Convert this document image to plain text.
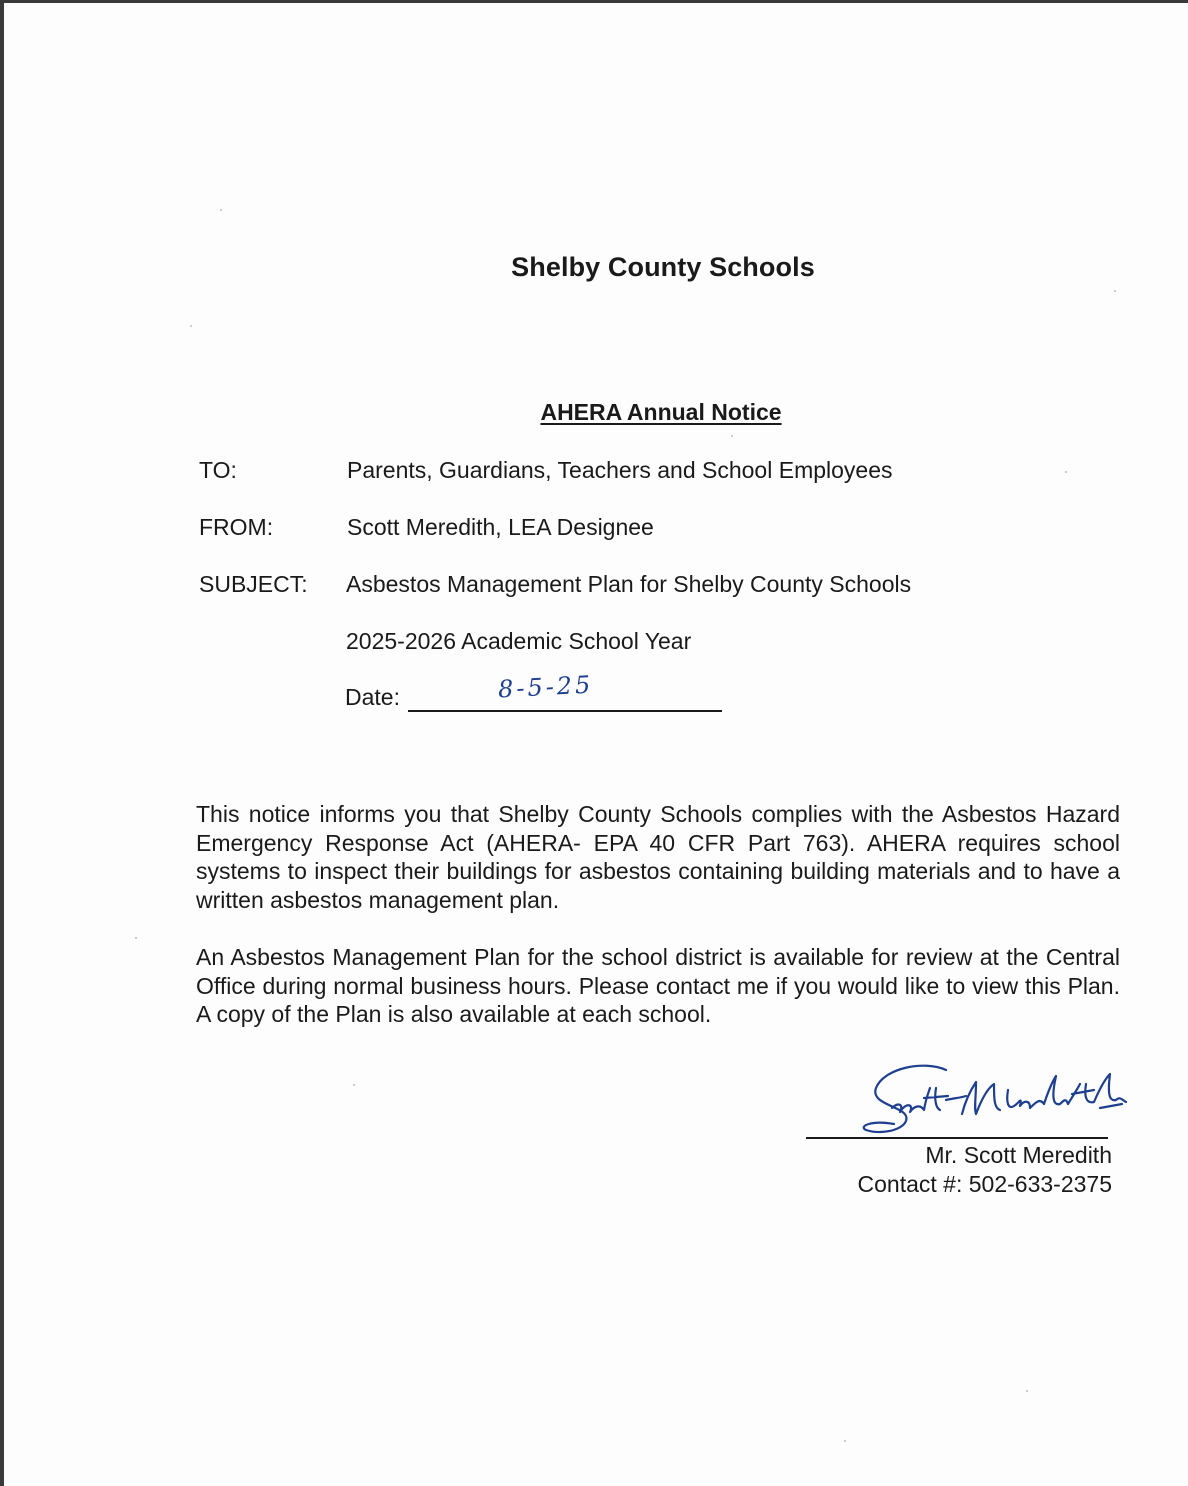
Shelby County Schools
AHERA Annual Notice
TO:	Parents, Guardians, Teachers and School Employees
FROM:	Scott Meredith, LEA Designee
SUBJECT: Asbestos Management Plan for Shelby County Schools
2025-2026 Academic School Year
Date:	8-5-25
This notice informs you that Shelby County Schools complies with the Asbestos Hazard Emergency Response Act (AHERA- EPA 40 CFR Part 763). AHERA requires school systems to inspect their buildings for asbestos containing building materials and to have a written asbestos management plan.
An Asbestos Management Plan for the school district is available for review at the Central Office during normal business hours. Please contact me if you would like to view this Plan. A copy of the Plan is also available at each school.
Mr. Scott Meredith
Contact #: 502-633-2375
